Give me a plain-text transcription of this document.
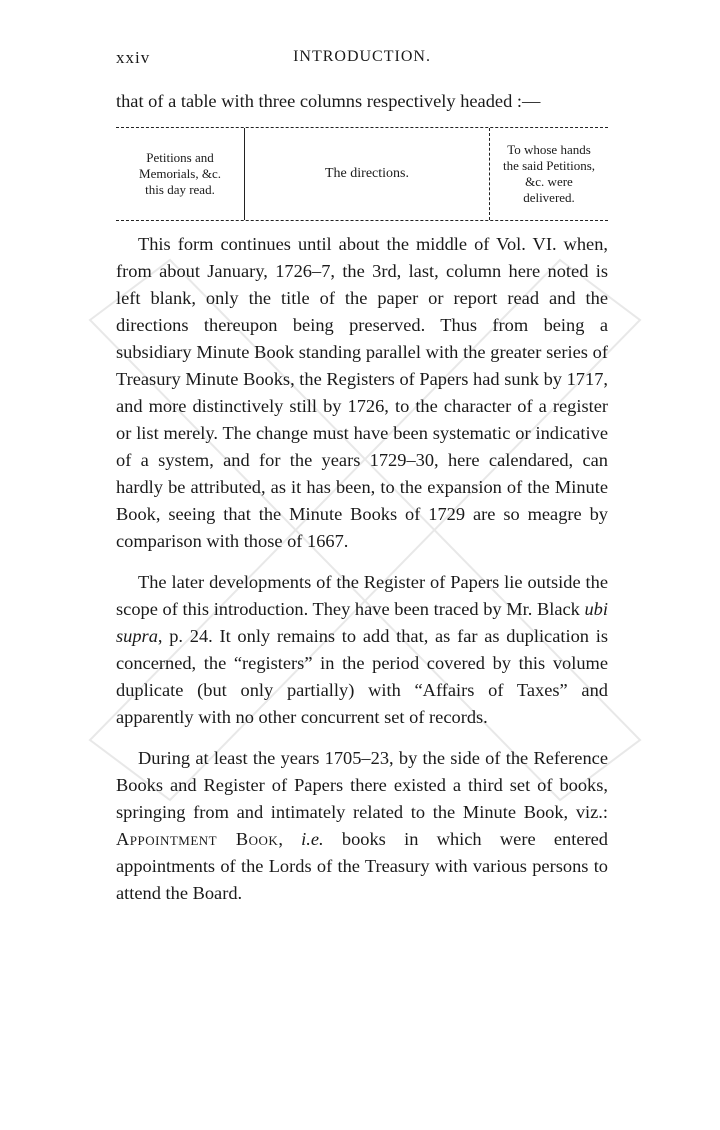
xxiv	INTRODUCTION.

that of a table with three columns respectively headed :—

Petitions and
Memorials, &c.
this day read.
The directions.
To whose hands
the said Petitions,
&c. were
delivered.

This form continues until about the middle of Vol. VI. when, from about January, 1726–7, the 3rd, last, column here noted is left blank, only the title of the paper or report read and the directions thereupon being preserved. Thus from being a subsidiary Minute Book standing parallel with the greater series of Treasury Minute Books, the Registers of Papers had sunk by 1717, and more distinctively still by 1726, to the character of a register or list merely. The change must have been systematic or indicative of a system, and for the years 1729–30, here calendared, can hardly be attributed, as it has been, to the expansion of the Minute Book, seeing that the Minute Books of 1729 are so meagre by comparison with those of 1667.

The later developments of the Register of Papers lie outside the scope of this introduction. They have been traced by Mr. Black ubi supra, p. 24. It only remains to add that, as far as duplication is concerned, the “registers” in the period covered by this volume duplicate (but only partially) with “Affairs of Taxes” and apparently with no other concurrent set of records.

During at least the years 1705–23, by the side of the Reference Books and Register of Papers there existed a third set of books, springing from and intimately related to the Minute Book, viz.: Appointment Book, i.e. books in which were entered appointments of the Lords of the Treasury with various persons to attend the Board.
